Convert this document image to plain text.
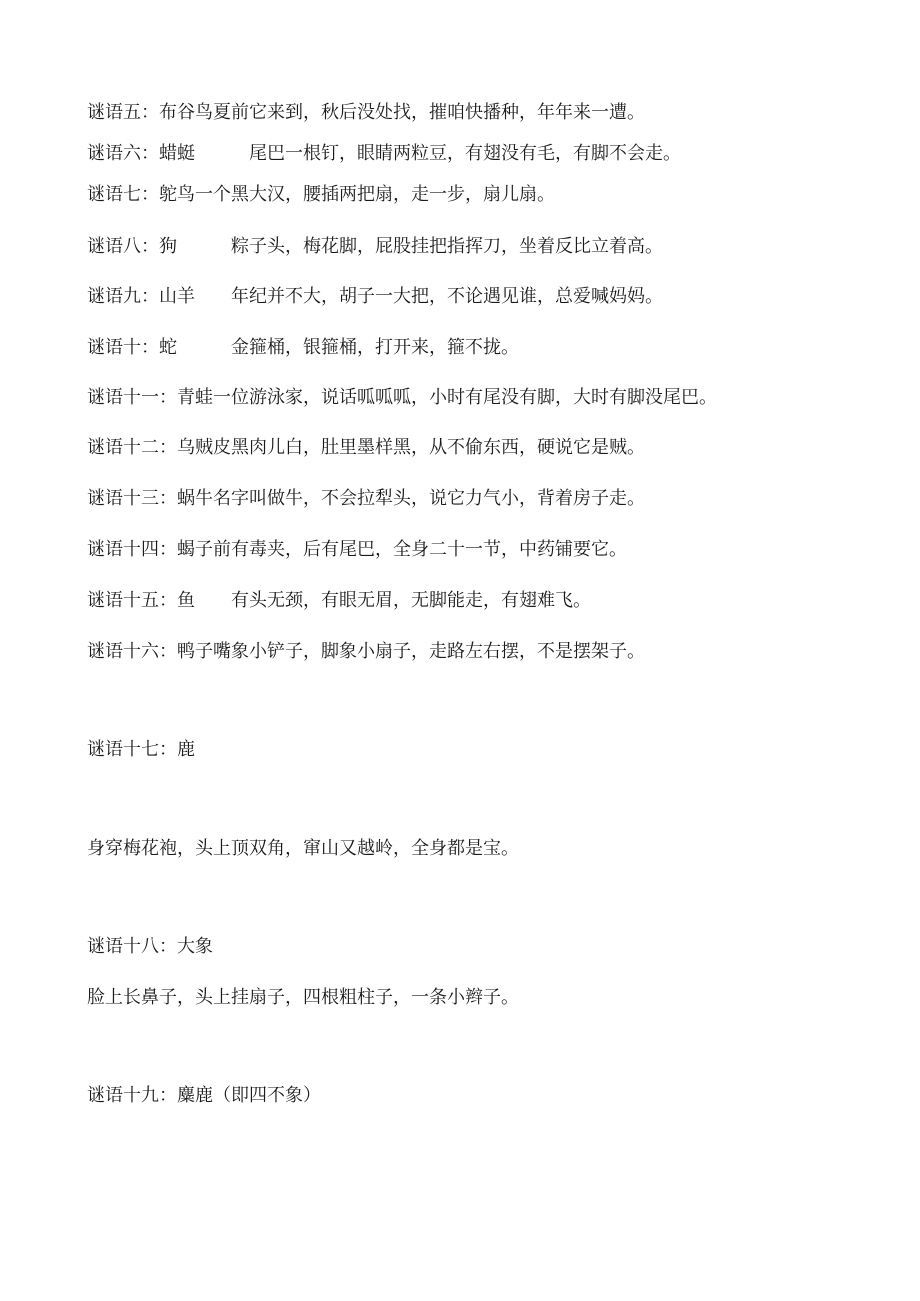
谜语五：布谷鸟夏前它来到，秋后没处找，摧咱快播种，年年来一遭。
谜语六：蜡蜓　　　尾巴一根钉，眼睛两粒豆，有翅没有毛，有脚不会走。
谜语七：鸵鸟一个黑大汉，腰插两把扇，走一步，扇儿扇。
谜语八：狗　　　粽子头，梅花脚，屁股挂把指挥刀，坐着反比立着高。
谜语九：山羊　　年纪并不大，胡子一大把，不论遇见谁，总爱喊妈妈。
谜语十：蛇　　　金箍桶，银箍桶，打开来，箍不拢。
谜语十一：青蛙一位游泳家，说话呱呱呱，小时有尾没有脚，大时有脚没尾巴。
谜语十二：乌贼皮黑肉儿白，肚里墨样黑，从不偷东西，硬说它是贼。
谜语十三：蜗牛名字叫做牛，不会拉犁头，说它力气小，背着房子走。
谜语十四：蝎子前有毒夹，后有尾巴，全身二十一节，中药铺要它。
谜语十五：鱼　　有头无颈，有眼无眉，无脚能走，有翅难飞。
谜语十六：鸭子嘴象小铲子，脚象小扇子，走路左右摆，不是摆架子。
谜语十七：鹿
身穿梅花袍，头上顶双角，窜山又越岭，全身都是宝。
谜语十八：大象
脸上长鼻子，头上挂扇子，四根粗柱子，一条小辫子。
谜语十九：麋鹿（即四不象）
